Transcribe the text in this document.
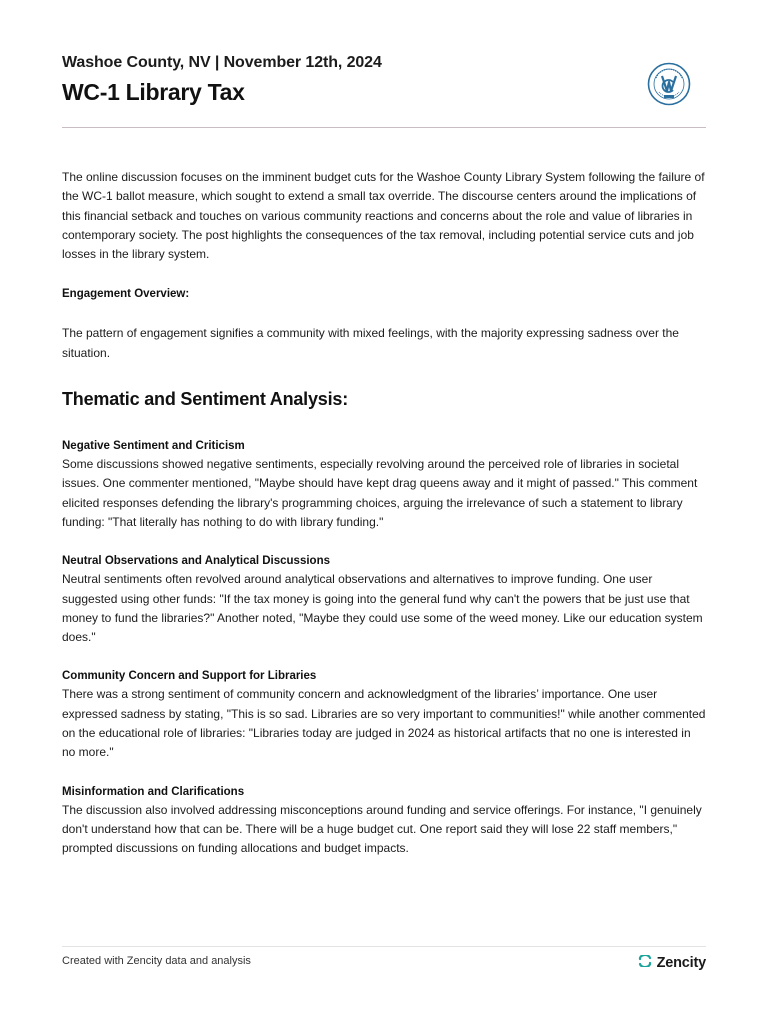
Washoe County, NV | November 12th, 2024
WC-1 Library Tax

The online discussion focuses on the imminent budget cuts for the Washoe County Library System following the failure of the WC-1 ballot measure, which sought to extend a small tax override. The discourse centers around the implications of this financial setback and touches on various community reactions and concerns about the role and value of libraries in contemporary society. The post highlights the consequences of the tax removal, including potential service cuts and job losses in the library system.

Engagement Overview:

The pattern of engagement signifies a community with mixed feelings, with the majority expressing sadness over the situation.

Thematic and Sentiment Analysis:
Negative Sentiment and Criticism

Some discussions showed negative sentiments, especially revolving around the perceived role of libraries in societal issues. One commenter mentioned, "Maybe should have kept drag queens away and it might of passed." This comment elicited responses defending the library's programming choices, arguing the irrelevance of such a statement to library funding: "That literally has nothing to do with library funding."

Neutral Observations and Analytical Discussions

Neutral sentiments often revolved around analytical observations and alternatives to improve funding. One user suggested using other funds: "If the tax money is going into the general fund why can't the powers that be just use that money to fund the libraries?" Another noted, "Maybe they could use some of the weed money. Like our education system does."

Community Concern and Support for Libraries

There was a strong sentiment of community concern and acknowledgment of the libraries’ importance. One user expressed sadness by stating, "This is so sad. Libraries are so very important to communities!" while another commented on the educational role of libraries: "Libraries today are judged in 2024 as historical artifacts that no one is interested in no more."

Misinformation and Clarifications

The discussion also involved addressing misconceptions around funding and service offerings. For instance, "I genuinely don't understand how that can be. There will be a huge budget cut. One report said they will lose 22 staff members," prompted discussions on funding allocations and budget impacts.

Created with Zencity data and analysis	Zencity
